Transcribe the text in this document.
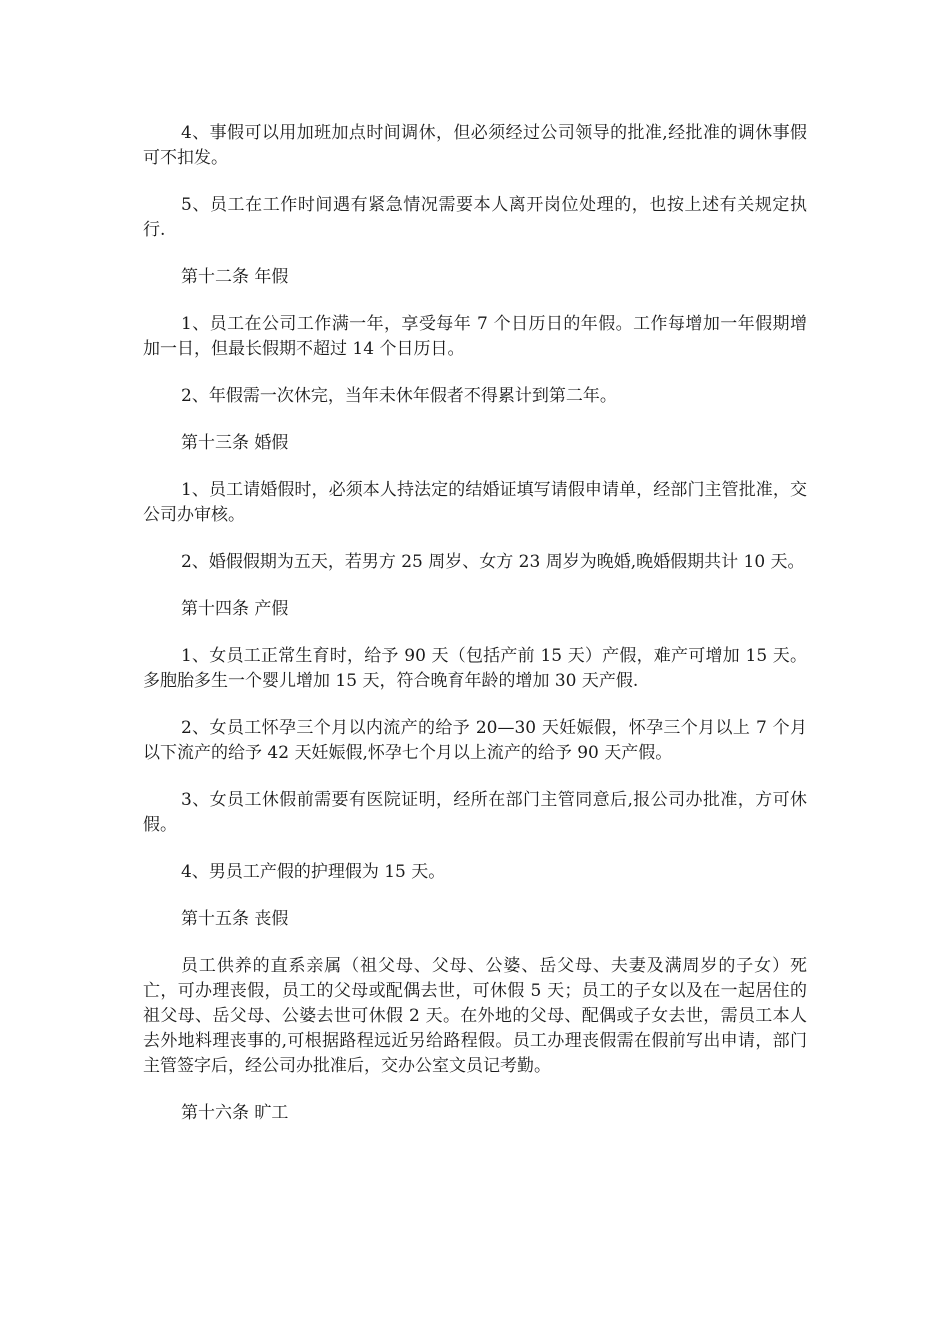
4、事假可以用加班加点时间调休，但必须经过公司领导的批准,经批准的调休事假可不扣发。

5、员工在工作时间遇有紧急情况需要本人离开岗位处理的，也按上述有关规定执行.

第十二条 年假

1、员工在公司工作满一年，享受每年 7 个日历日的年假。工作每增加一年假期增加一日，但最长假期不超过 14 个日历日。

2、年假需一次休完，当年未休年假者不得累计到第二年。

第十三条 婚假

1、员工请婚假时，必须本人持法定的结婚证填写请假申请单，经部门主管批准，交公司办审核。

2、婚假假期为五天，若男方 25 周岁、女方 23 周岁为晚婚,晚婚假期共计 10 天。

第十四条 产假

1、女员工正常生育时，给予 90 天（包括产前 15 天）产假，难产可增加 15 天。多胞胎多生一个婴儿增加 15 天，符合晚育年龄的增加 30 天产假.

2、女员工怀孕三个月以内流产的给予 20—30 天妊娠假，怀孕三个月以上 7 个月以下流产的给予 42 天妊娠假,怀孕七个月以上流产的给予 90 天产假。

3、女员工休假前需要有医院证明，经所在部门主管同意后,报公司办批准，方可休假。

4、男员工产假的护理假为 15 天。

第十五条 丧假

员工供养的直系亲属（祖父母、父母、公婆、岳父母、夫妻及满周岁的子女）死亡，可办理丧假，员工的父母或配偶去世，可休假 5 天；员工的子女以及在一起居住的祖父母、岳父母、公婆去世可休假 2 天。在外地的父母、配偶或子女去世，需员工本人去外地料理丧事的,可根据路程远近另给路程假。员工办理丧假需在假前写出申请，部门主管签字后，经公司办批准后，交办公室文员记考勤。

第十六条 旷工
